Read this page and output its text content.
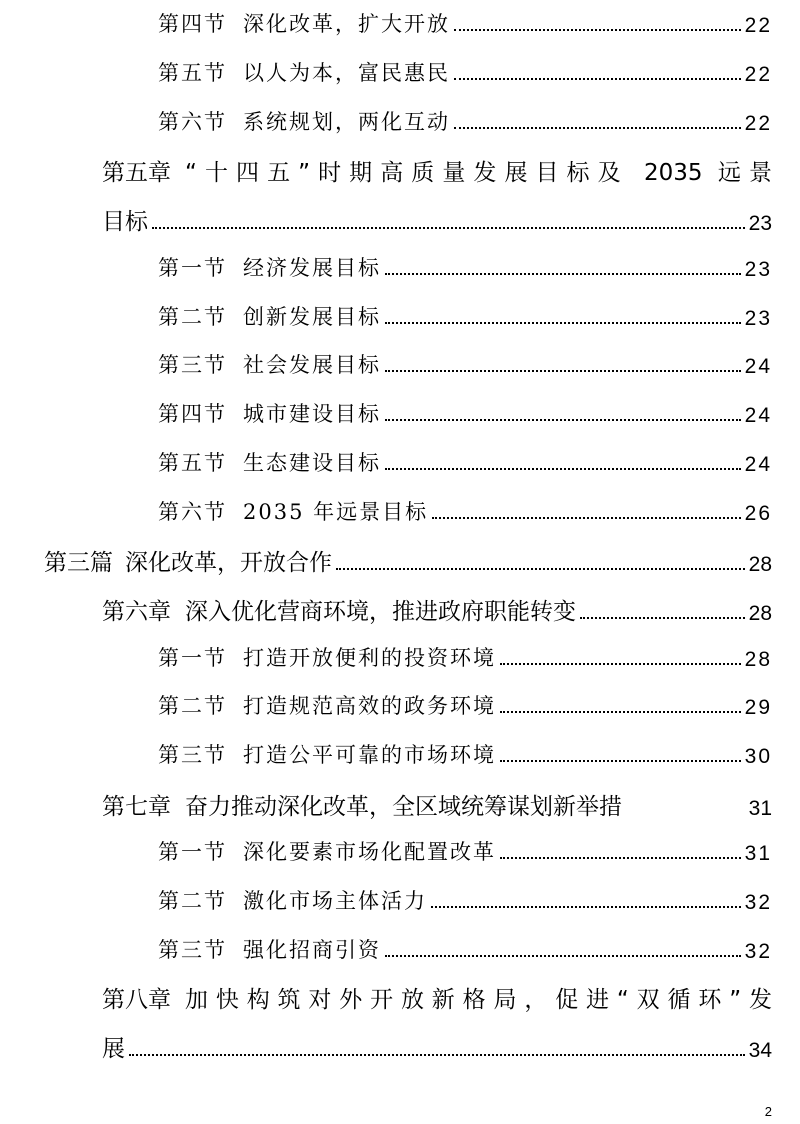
第四节 深化改革，扩大开放	22
第五节 以人为本，富民惠民	22
第六节 系统规划，两化互动	22
第五章 “十四五”时期高质量发展目标及 2035 远景
目标	23
第一节 经济发展目标	23
第二节 创新发展目标	23
第三节 社会发展目标	24
第四节 城市建设目标	24
第五节 生态建设目标	24
第六节 2035 年远景目标	26
第三篇 深化改革，开放合作	28
第六章 深入优化营商环境，推进政府职能转变	28
第一节 打造开放便利的投资环境	28
第二节 打造规范高效的政务环境	29
第三节 打造公平可靠的市场环境	30
第七章 奋力推动深化改革，全区域统筹谋划新举措	31
第一节 深化要素市场化配置改革	31
第二节 激化市场主体活力	32
第三节 强化招商引资	32
第八章 加快构筑对外开放新格局，促进“双循环”发
展	34
2
